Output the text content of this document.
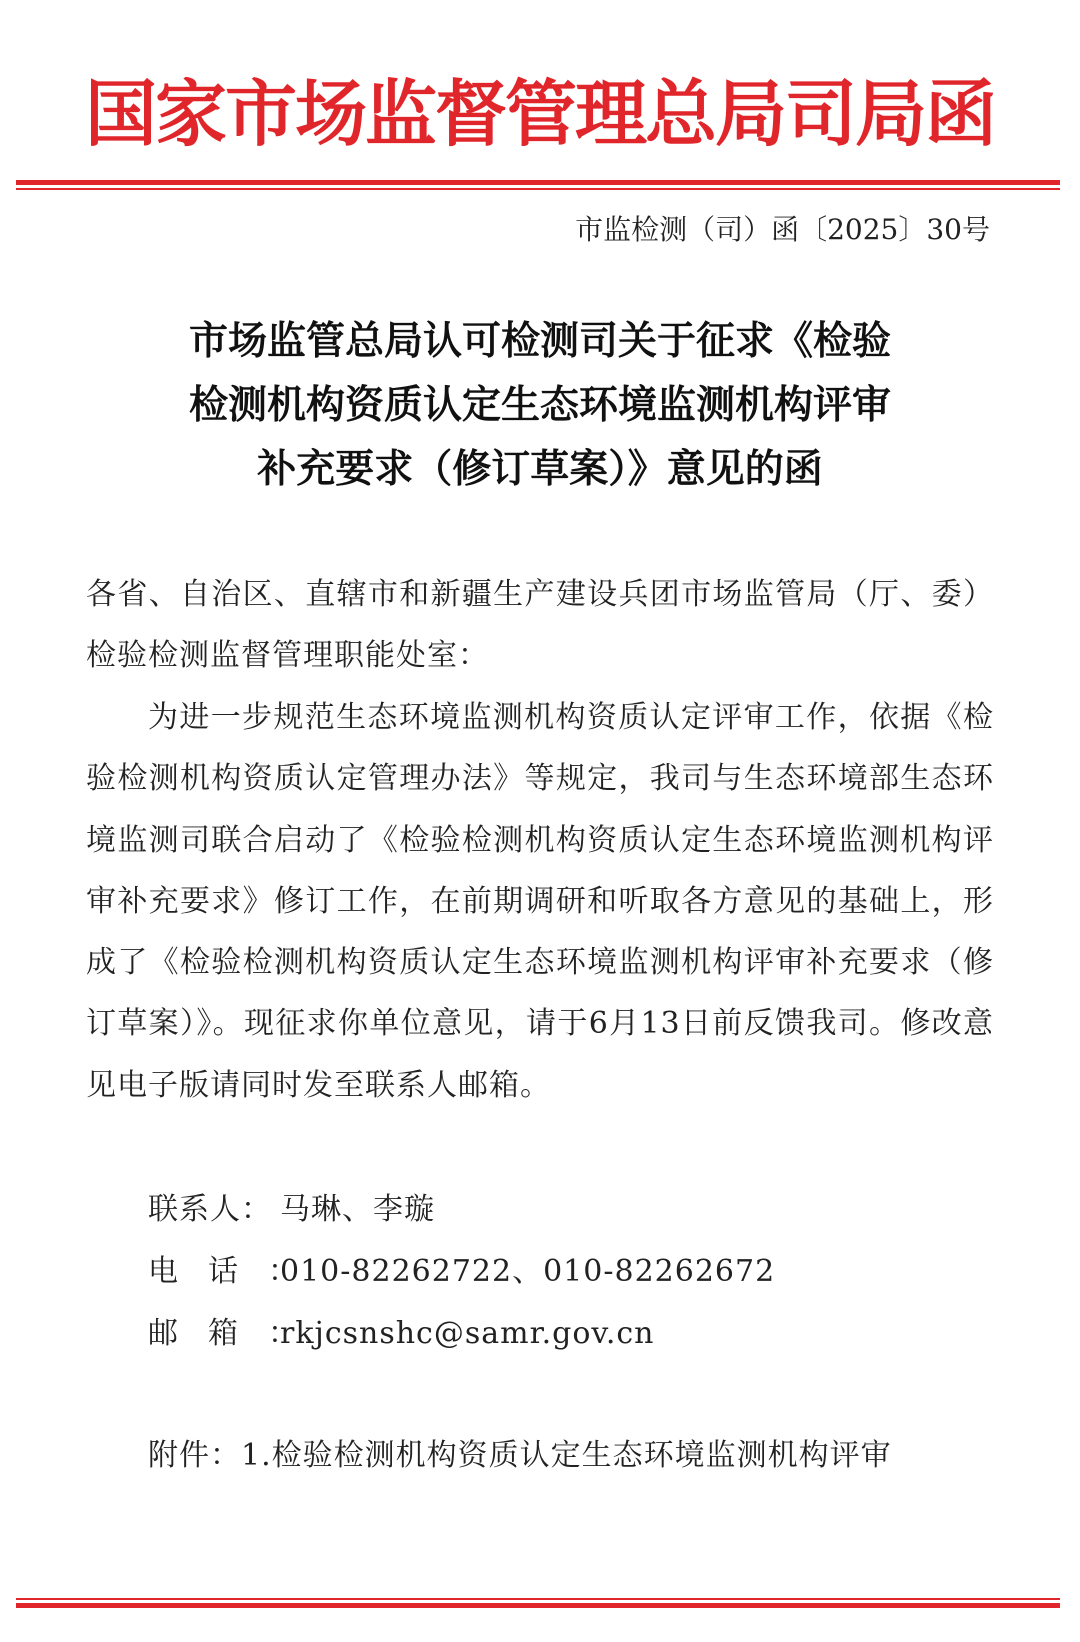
国家市场监督管理总局司局函
市监检测（司）函〔2025〕30号
市场监管总局认可检测司关于征求《检验
检测机构资质认定生态环境监测机构评审
补充要求（修订草案）》意见的函
各省、自治区、直辖市和新疆生产建设兵团市场监管局（厅、委）检验检测监督管理职能处室：
为进一步规范生态环境监测机构资质认定评审工作，依据《检验检测机构资质认定管理办法》等规定，我司与生态环境部生态环境监测司联合启动了《检验检测机构资质认定生态环境监测机构评审补充要求》修订工作，在前期调研和听取各方意见的基础上，形成了《检验检测机构资质认定生态环境监测机构评审补充要求（修订草案）》。现征求你单位意见，请于6月13日前反馈我司。修改意见电子版请同时发至联系人邮箱。
联系人： 马琳、李璇
电话：010-82262722、010-82262672
邮箱：rkjcsnshc@samr.gov.cn
附件：1.检验检测机构资质认定生态环境监测机构评审
